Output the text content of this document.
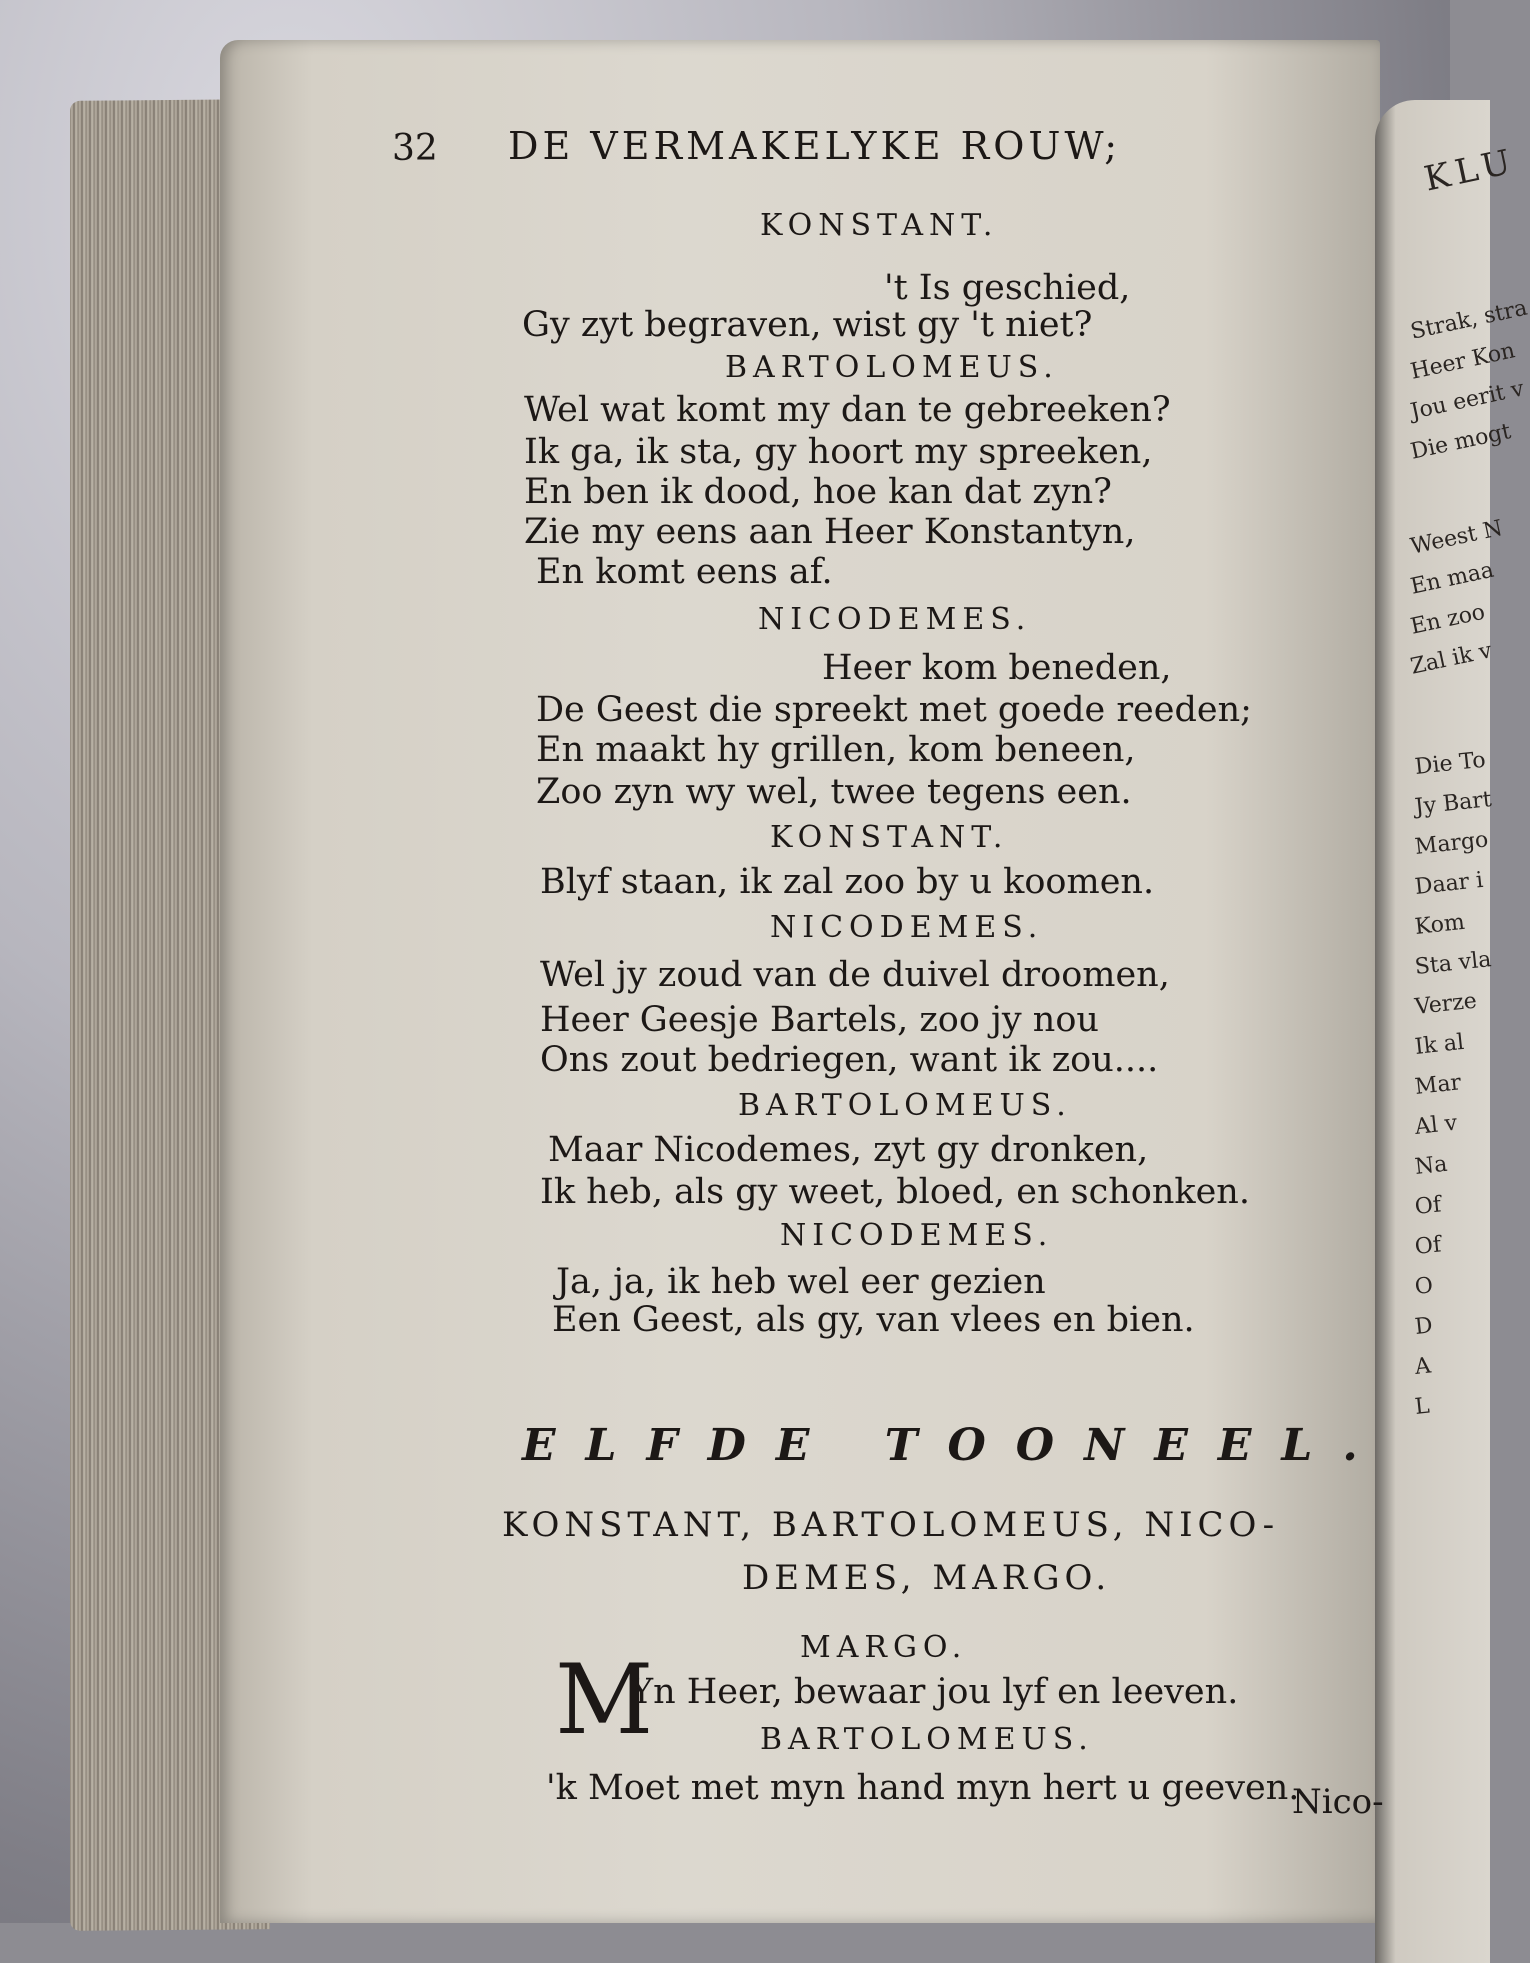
KLU
Strak, stra
Heer Kon
Jou eerit v
Die mogt
Weest N
En maa
En zoo
Zal ik v
Die To
Jy Bart
Margo
Daar i
Kom
Sta vla
Verze
Ik al
Mar
Al v
Na
Of
Of
O
D
A
L
32 DE VERMAKELYKE ROUW;
KONSTANT.
't Is geschied,
Gy zyt begraven, wist gy 't niet?
BARTOLOMEUS.
Wel wat komt my dan te gebreeken?
Ik ga, ik sta, gy hoort my spreeken,
En ben ik dood, hoe kan dat zyn?
Zie my eens aan Heer Konstantyn,
En komt eens af.
NICODEMES.
Heer kom beneden,
De Geest die spreekt met goede reeden;
En maakt hy grillen, kom beneen,
Zoo zyn wy wel, twee tegens een.
KONSTANT.
Blyf staan, ik zal zoo by u koomen.
NICODEMES.
Wel jy zoud van de duivel droomen,
Heer Geesje Bartels, zoo jy nou
Ons zout bedriegen, want ik zou....
BARTOLOMEUS.
Maar Nicodemes, zyt gy dronken,
Ik heb, als gy weet, bloed, en schonken.
NICODEMES.
Ja, ja, ik heb wel eer gezien
Een Geest, als gy, van vlees en bien.
ELFDE TOONEEL.
KONSTANT, BARTOLOMEUS, NICO-
DEMES, MARGO.
MARGO.
M
Yn Heer, bewaar jou lyf en leeven.
BARTOLOMEUS.
'k Moet met myn hand myn hert u geeven.
Nico-
